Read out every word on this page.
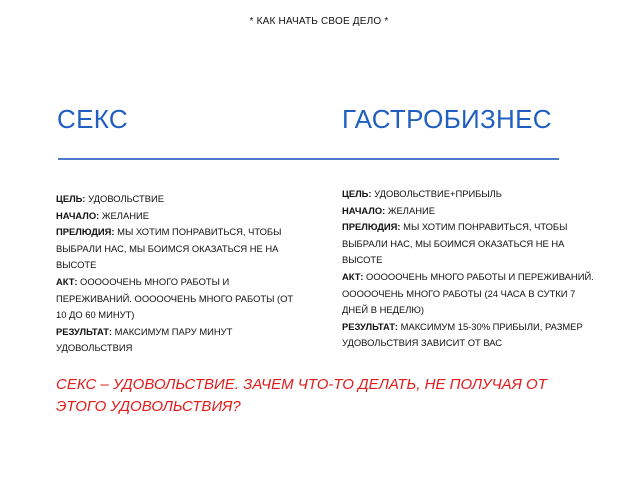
* КАК НАЧАТЬ СВОЕ ДЕЛО *
СЕКС	ГАСТРОБИЗНЕС
ЦЕЛЬ: УДОВОЛЬСТВИЕ
НАЧАЛО: ЖЕЛАНИЕ
ПРЕЛЮДИЯ: МЫ ХОТИМ ПОНРАВИТЬСЯ, ЧТОБЫ ВЫБРАЛИ НАС, МЫ БОИМСЯ ОКАЗАТЬСЯ НЕ НА ВЫСОТЕ
АКТ: ОООООЧЕНЬ МНОГО РАБОТЫ И ПЕРЕЖИВАНИЙ. ОООООЧЕНЬ МНОГО РАБОТЫ (ОТ 10 ДО 60 МИНУТ)
РЕЗУЛЬТАТ: МАКСИМУМ ПАРУ МИНУТ УДОВОЛЬСТВИЯ
ЦЕЛЬ: УДОВОЛЬСТВИЕ+ПРИБЫЛЬ
НАЧАЛО: ЖЕЛАНИЕ
ПРЕЛЮДИЯ: МЫ ХОТИМ ПОНРАВИТЬСЯ, ЧТОБЫ ВЫБРАЛИ НАС, МЫ БОИМСЯ ОКАЗАТЬСЯ НЕ НА ВЫСОТЕ
АКТ: ОООООЧЕНЬ МНОГО РАБОТЫ И ПЕРЕЖИВАНИЙ. ОООООЧЕНЬ МНОГО РАБОТЫ (24 ЧАСА В СУТКИ 7 ДНЕЙ В НЕДЕЛЮ)
РЕЗУЛЬТАТ: МАКСИМУМ 15-30% ПРИБЫЛИ, РАЗМЕР УДОВОЛЬСТВИЯ ЗАВИСИТ ОТ ВАС
СЕКС – УДОВОЛЬСТВИЕ. ЗАЧЕМ ЧТО-ТО ДЕЛАТЬ, НЕ ПОЛУЧАЯ ОТ ЭТОГО УДОВОЛЬСТВИЯ?
